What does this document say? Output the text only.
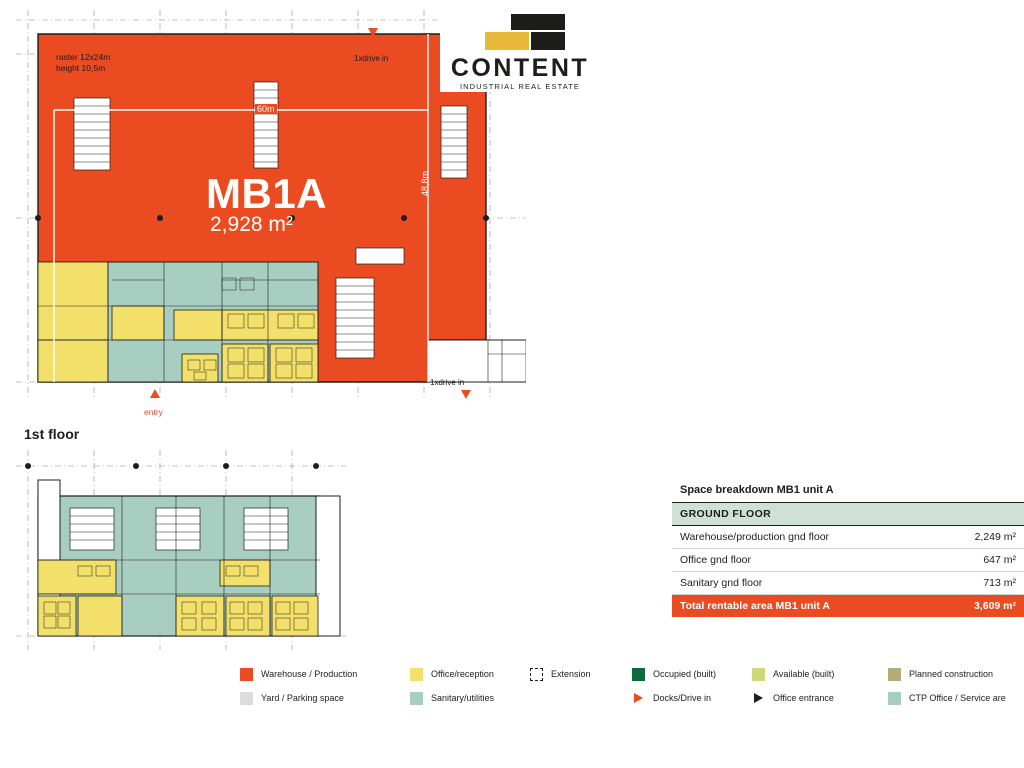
raster 12x24m
height 10,5m
MB1A
2,928 m²
60m
48,8m
1xdrive in
1xdrive in
entry
CONTENT
INDUSTRIAL REAL ESTATE
1st floor
Space breakdown MB1 unit A
GROUND FLOOR	
Warehouse/production gnd floor	2,249 m²
Office gnd floor	647 m²
Sanitary gnd floor	713 m²
Total rentable area MB1 unit A	3,609 m²
Warehouse / Production
Yard / Parking space
Office/reception
Sanitary/utilities
Extension	Occupied (built)
Docks/Drive in
Available (built)
Office entrance
Planned construction
CTP Office / Service are
